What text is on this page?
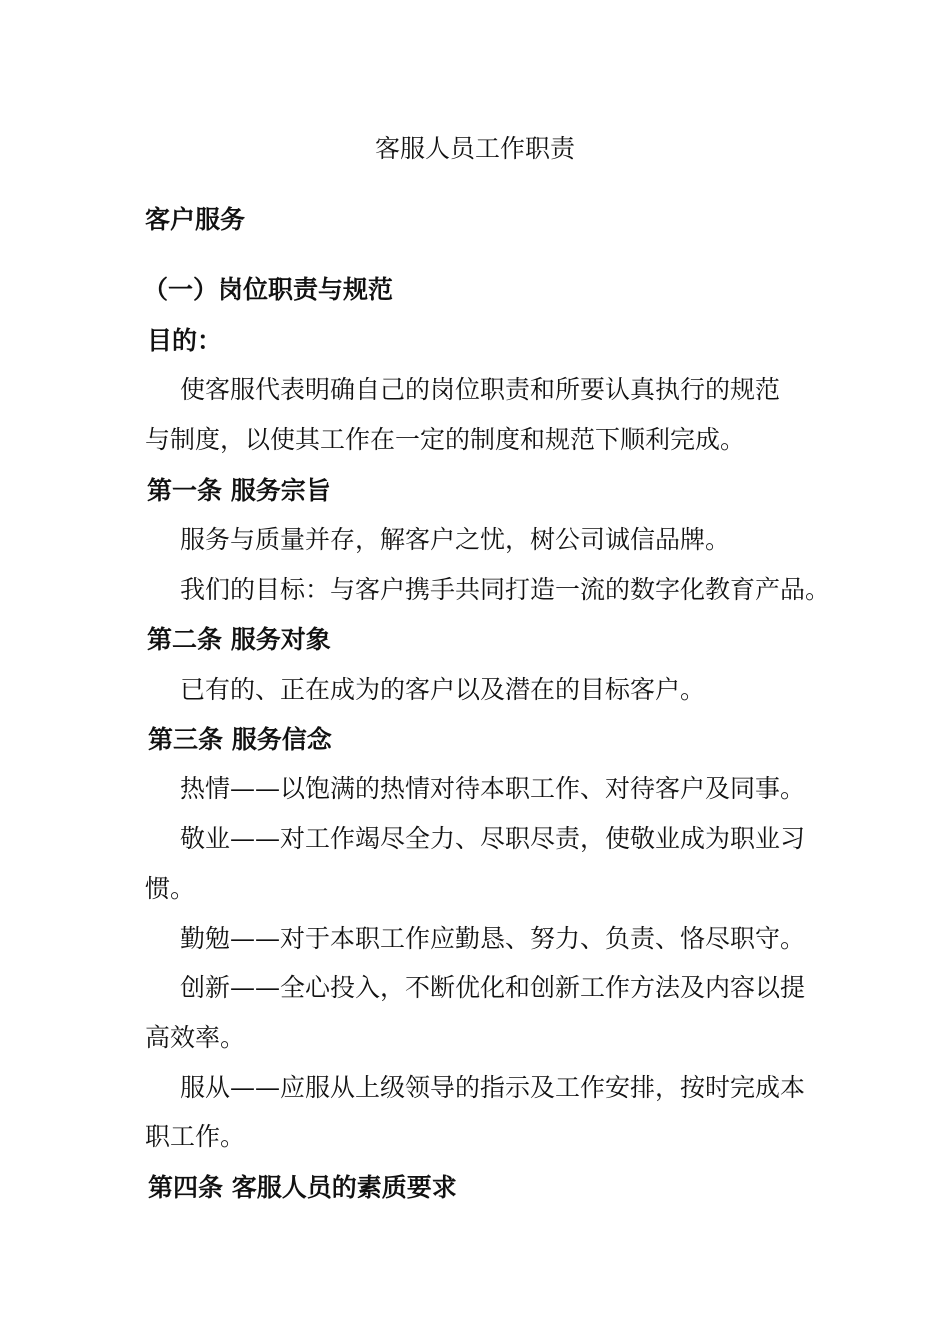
客服人员工作职责
客户服务
（一）岗位职责与规范
目的：
使客服代表明确自己的岗位职责和所要认真执行的规范
与制度，以使其工作在一定的制度和规范下顺利完成。
第一条 服务宗旨
服务与质量并存，解客户之忧，树公司诚信品牌。
我们的目标：与客户携手共同打造一流的数字化教育产品。
第二条 服务对象
已有的、正在成为的客户以及潜在的目标客户。
第三条 服务信念
热情——以饱满的热情对待本职工作、对待客户及同事。
敬业——对工作竭尽全力、尽职尽责，使敬业成为职业习
惯。
勤勉——对于本职工作应勤恳、努力、负责、恪尽职守。
创新——全心投入，不断优化和创新工作方法及内容以提
高效率。
服从——应服从上级领导的指示及工作安排，按时完成本
职工作。
第四条 客服人员的素质要求
